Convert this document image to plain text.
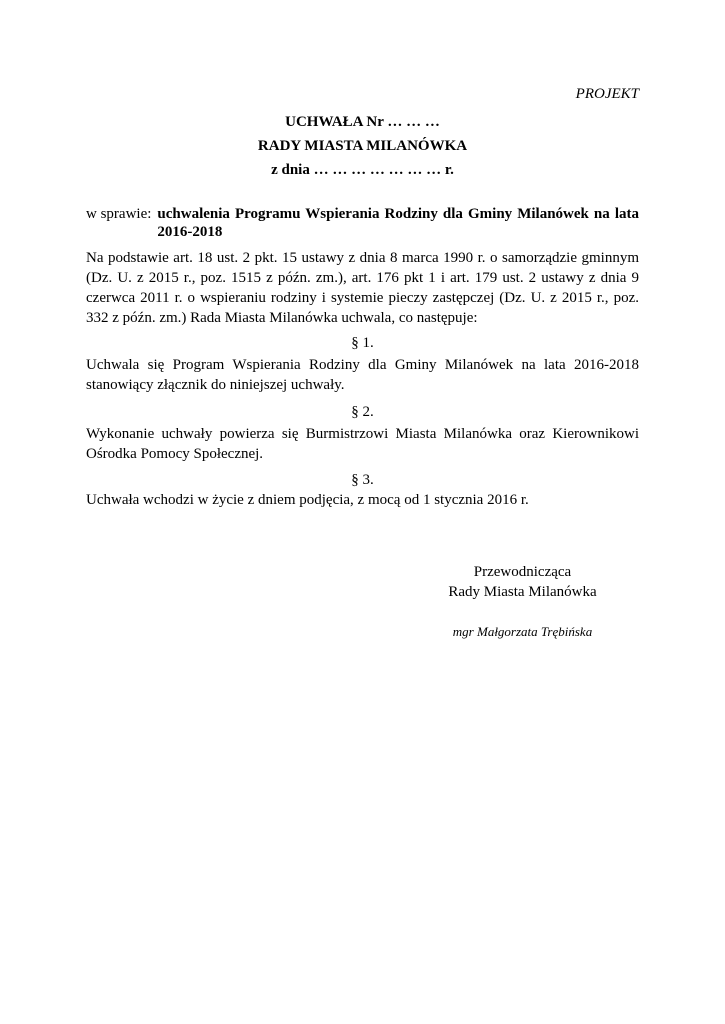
PROJEKT
UCHWAŁA Nr … … …
RADY MIASTA MILANÓWKA
z dnia … … … … … … … r.
w sprawie: uchwalenia Programu Wspierania Rodziny dla Gminy Milanówek na lata 2016-2018
Na podstawie art. 18 ust. 2 pkt. 15 ustawy z dnia 8 marca 1990 r. o samorządzie gminnym (Dz. U. z 2015 r., poz. 1515 z późn. zm.), art. 176 pkt 1 i art. 179 ust. 2 ustawy z dnia 9 czerwca 2011 r. o wspieraniu rodziny i systemie pieczy zastępczej (Dz. U. z 2015 r., poz. 332 z późn. zm.) Rada Miasta Milanówka uchwala, co następuje:
§ 1.
Uchwala się Program Wspierania Rodziny dla Gminy Milanówek na lata 2016-2018 stanowiący złącznik do niniejszej uchwały.
§ 2.
Wykonanie uchwały powierza się Burmistrzowi Miasta Milanówka oraz Kierownikowi Ośrodka Pomocy Społecznej.
§ 3.
Uchwała wchodzi w życie z dniem podjęcia, z mocą od 1 stycznia 2016 r.
Przewodnicząca
Rady Miasta Milanówka
mgr Małgorzata Trębińska
